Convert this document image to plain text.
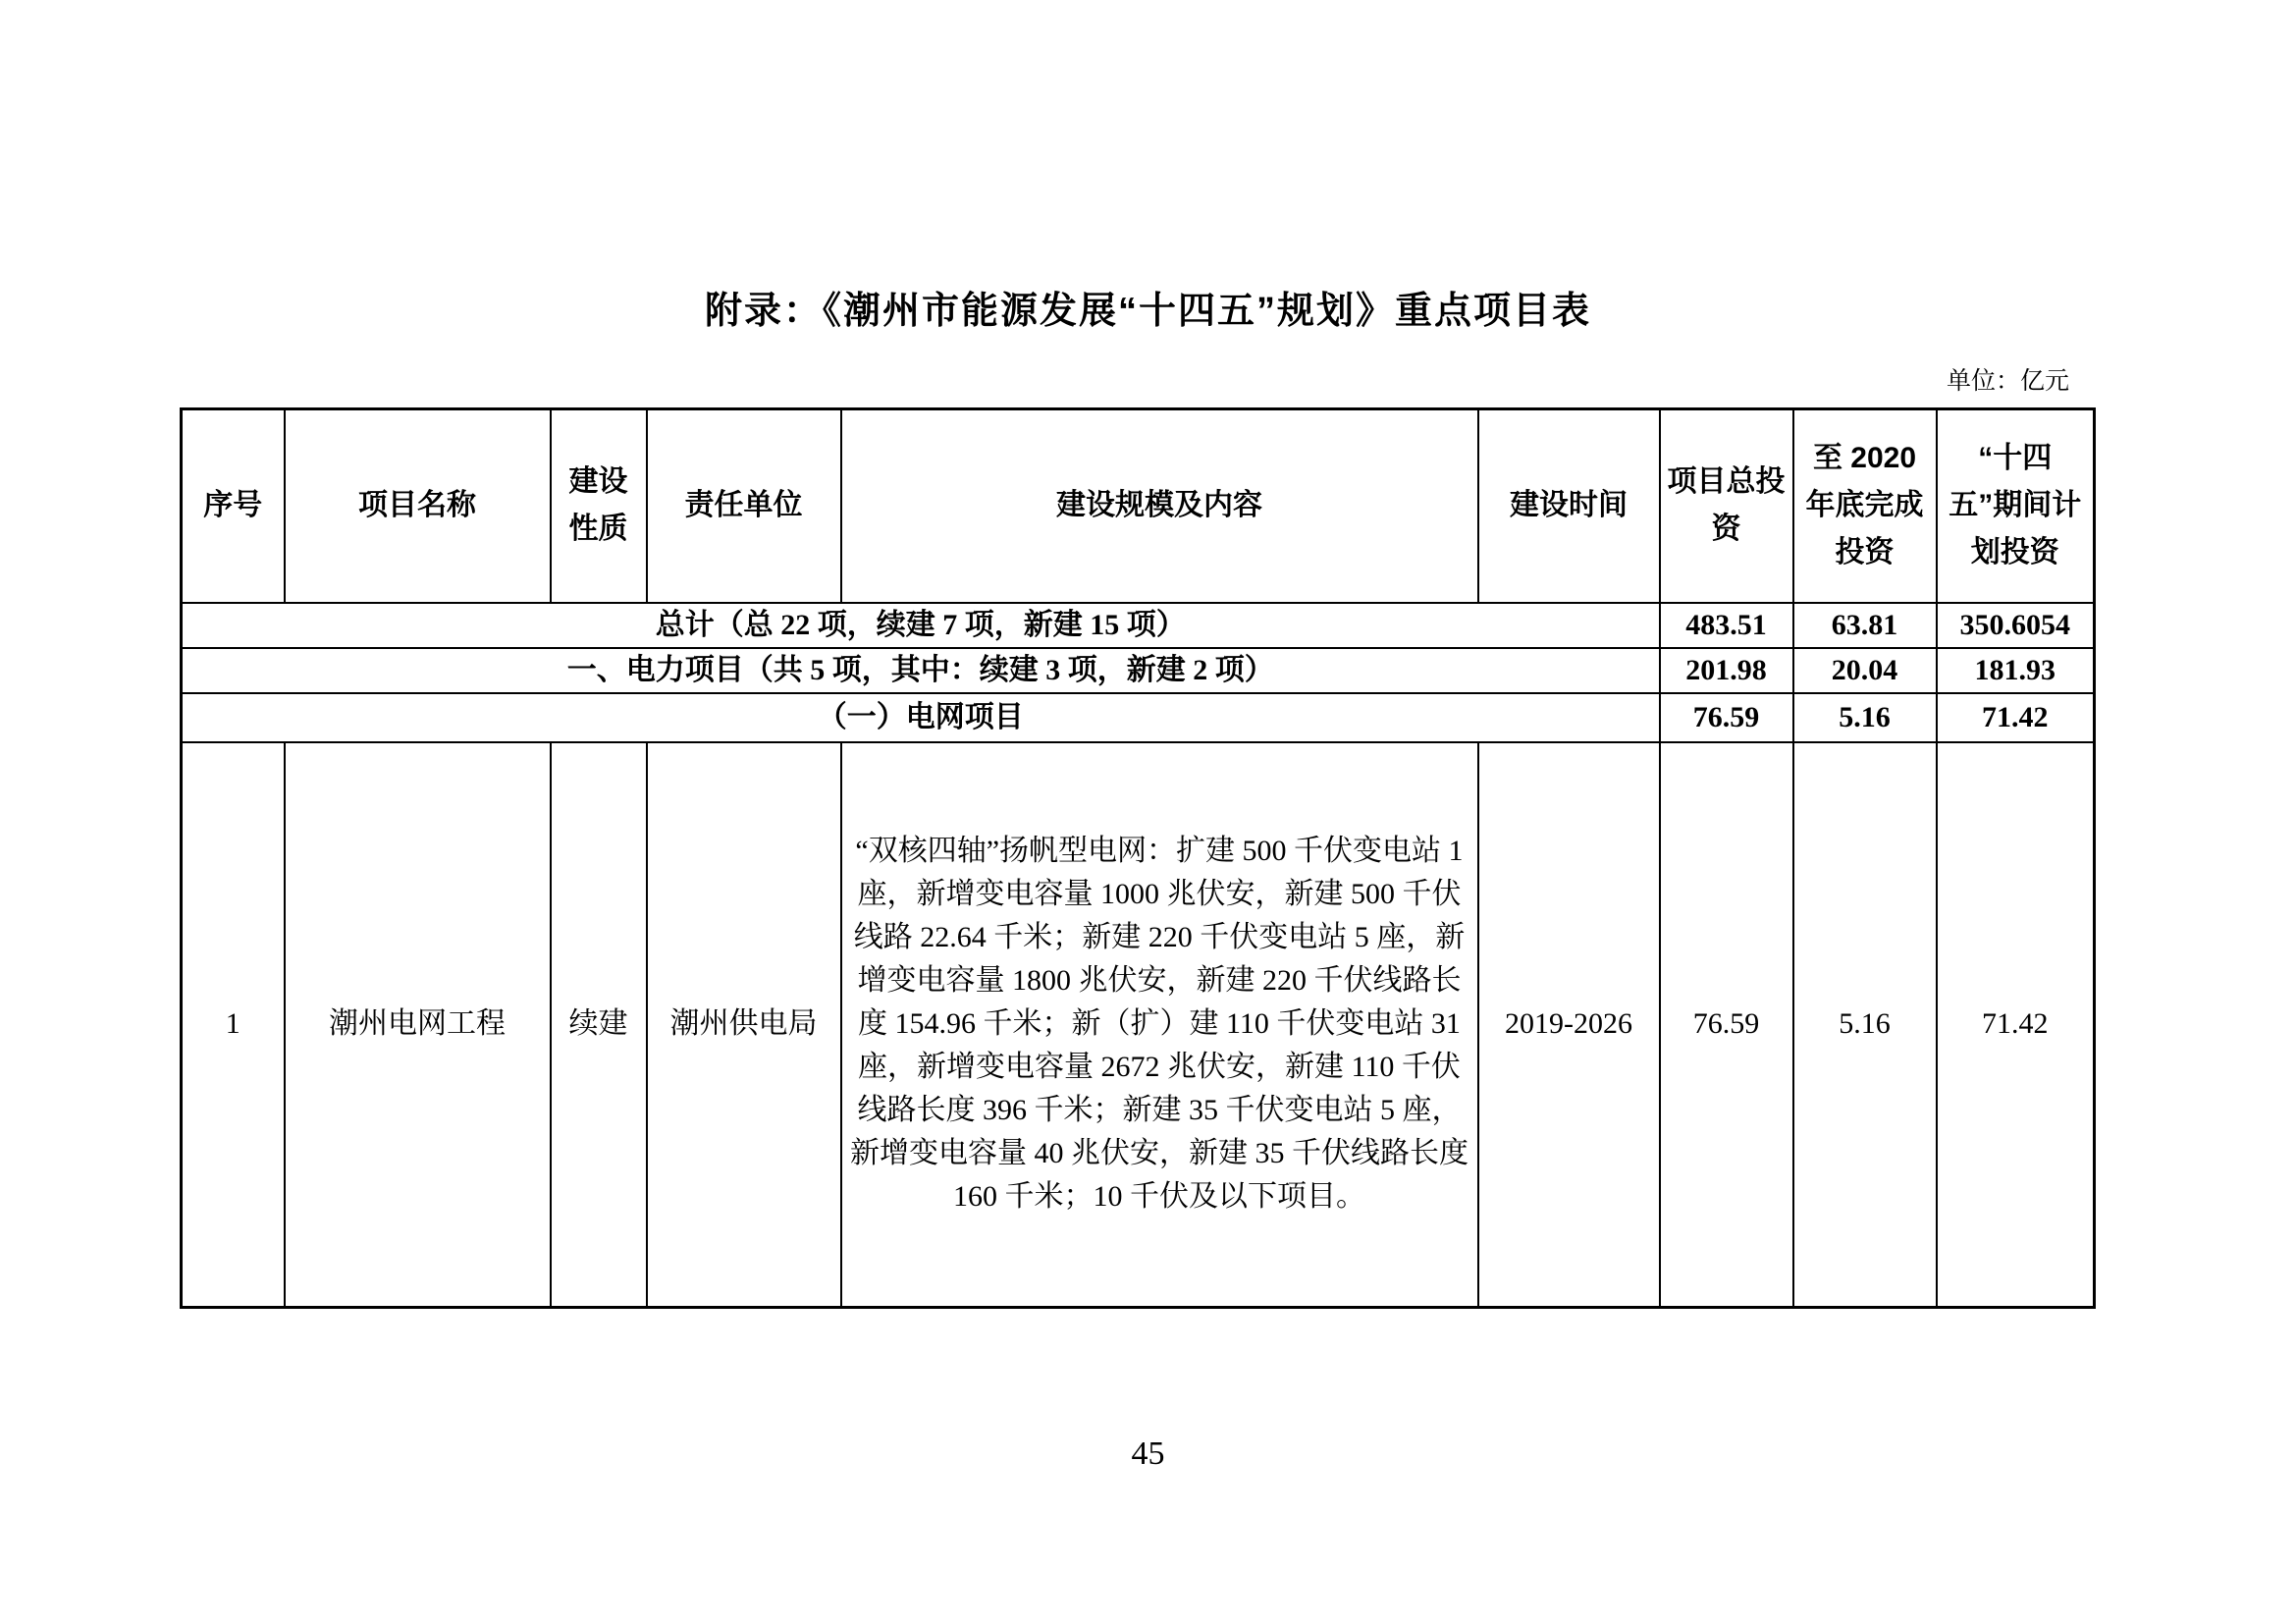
附录：《潮州市能源发展“十四五”规划》重点项目表
单位：亿元
序号	项目名称	建设性质	责任单位	建设规模及内容	建设时间	项目总投资	至 2020 年底完成投资	“十四五”期间计划投资
总计（总 22 项，续建 7 项，新建 15 项）						483.51	63.81	350.6054
一、电力项目（共 5 项，其中：续建 3 项，新建 2 项）						201.98	20.04	181.93
（一）电网项目						76.59	5.16	71.42
1	潮州电网工程	续建	潮州供电局	“双核四轴”扬帆型电网：扩建 500 千伏变电站 1 座，新增变电容量 1000 兆伏安，新建 500 千伏线路 22.64 千米；新建 220 千伏变电站 5 座，新增变电容量 1800 兆伏安，新建 220 千伏线路长度 154.96 千米；新（扩）建 110 千伏变电站 31 座，新增变电容量 2672 兆伏安，新建 110 千伏线路长度 396 千米；新建 35 千伏变电站 5 座，新增变电容量 40 兆伏安，新建 35 千伏线路长度 160 千米；10 千伏及以下项目。	2019-2026	76.59	5.16	71.42
45
